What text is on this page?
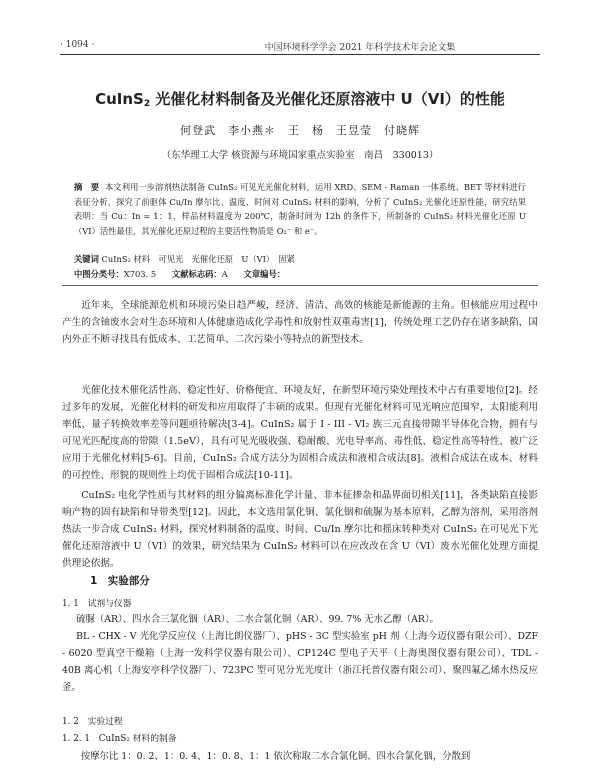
· 1094 ·	中国环境科学学会 2021 年科学技术年会论文集
CuInS$_2$ 光催化材料制备及光催化还原溶液中 U（VI）的性能
何登武　李小燕＊　王　杨　王昱莹　付晓辉
（东华理工大学 核资源与环境国家重点实验室　南昌　330013）
摘　要 本文利用一步溶剂热法制备 CuInS₂ 可见光光催化材料，运用 XRD、SEM - Raman 一体系统、BET 等材料进行表征分析，探究了前驱体 Cu/In 摩尔比、温度、时间对 CuInS₂ 材料的影响，分析了 CuInS₂ 光催化还原性能，研究结果表明：当 Cu：In = 1：1，样品材料温度为 200℃，制备时间为 12h 的条件下，所制备的 CuInS₂ 材料光催化还原 U（VI）活性最佳，其光催化还原过程的主要活性物质是 O₂⁻ 和 e⁻。
关键词 CuInS₂ 材料　可见光　光催化还原　U（VI）　固紧
中图分类号：X703. 5 文献标志码：A 文章编号：
近年来，全球能源危机和环境污染日趋严峻，经济、清洁、高效的核能是新能源的主角。但核能应用过程中产生的含铀废水会对生态环境和人体健康造成化学毒性和放射性双重毒害[1]，传统处理工艺仍存在诸多缺陷，国内外正不断寻找具有低成本、工艺简单、二次污染小等特点的新型技术。
光催化技术催化活性高、稳定性好、价格便宜、环境友好，在新型环境污染处理技术中占有重要地位[2]。经过多年的发展，光催化材料的研发和应用取得了丰硕的成果。但现有光催化材料可见光响应范围窄，太阳能利用率低，量子转换效率差等问题亟待解决[3-4]。CuInS₂ 属于 I - III - VI₂ 族三元直接带隙半导体化合物，拥有与可见光匹配度高的带隙（1.5eV），具有可见光吸收强、稳耐酸、光电导率高、毒性低、稳定性高等特性，被广泛应用于光催化材料[5-6]。目前，CuInS₂ 合成方法分为固相合成法和液相合成法[8]。液相合成法在成本、材料的可控性、形貌的规则性上均优于固相合成法[10-11]。
CuInS₂ 电化学性质与其材料的组分偏离标准化学计量、非本征掺杂和晶界面切相关[11]，各类缺陷直接影响产物的固有缺陷和导带类型[12]。因此，本文选用氯化铜、氯化铟和硫脲为基本原料，乙醇为溶剂，采用溶剂热法一步合成 CuInS₂ 材料，探究材料制备的温度、时间、Cu/In 摩尔比和摇床转种类对 CuInS₂ 在可见光下光催化还原溶液中 U（VI）的效果，研究结果为 CuInS₂ 材料可以在应改改在含 U（VI）废水光催化处理方面提供理论依据。
1　实验部分
1. 1　试剂与仪器
硫脲（AR）、四水合三氯化铟（AR）、二水合氯化铜（AR）、99. 7% 无水乙醇（AR）。
BL - CHX - V 光化学反应仪（上海比朗仪器厂）、pHS - 3C 型实验室 pH 剂（上海今迈仪器有限公司）、DZF - 6020 型真空干燥箱（上海一发科学仪器有限公司）、CP124C 型电子天平（上海奥图仪器有限公司）、TDL - 40B 离心机（上海安亭科学仪器厂）、723PC 型可见分光光度计（浙江托普仪器有限公司）、聚四氟乙烯水热反应釜。
1. 2　实验过程
1. 2. 1　CuInS₂ 材料的制备
按摩尔比 1：0. 2、1：0. 4、1：0. 8、1：1 依次称取二水合氯化铜、四水合氯化铟，分散到
